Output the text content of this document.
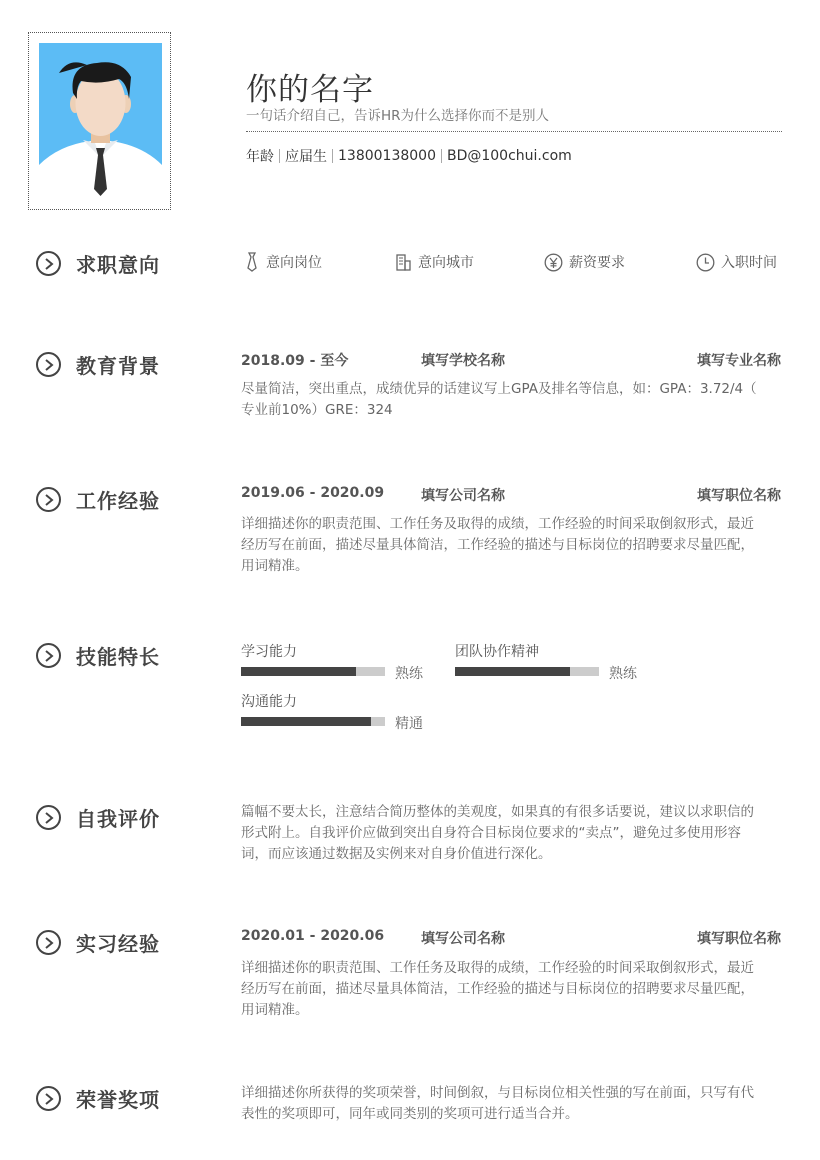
你的名字
一句话介绍自己，告诉HR为什么选择你而不是别人
年龄 应届生 13800138000 BD@100chui.com
求职意向	意向岗位	意向城市	薪资要求	入职时间
教育背景	2018.09 - 至今	填写学校名称	填写专业名称
尽量简洁，突出重点，成绩优异的话建议写上GPA及排名等信息，如：GPA：3.72/4（
专业前10%）GRE：324
工作经验	2019.06 - 2020.09	填写公司名称	填写职位名称
详细描述你的职责范围、工作任务及取得的成绩，工作经验的时间采取倒叙形式，最近
经历写在前面，描述尽量具体简洁，工作经验的描述与目标岗位的招聘要求尽量匹配，
用词精准。
技能特长	学习能力
熟练
团队协作精神
熟练
沟通能力
精通
自我评价	篇幅不要太长，注意结合简历整体的美观度，如果真的有很多话要说，建议以求职信的
形式附上。自我评价应做到突出自身符合目标岗位要求的“卖点”，避免过多使用形容
词，而应该通过数据及实例来对自身价值进行深化。
实习经验	2020.01 - 2020.06	填写公司名称	填写职位名称
详细描述你的职责范围、工作任务及取得的成绩，工作经验的时间采取倒叙形式，最近
经历写在前面，描述尽量具体简洁，工作经验的描述与目标岗位的招聘要求尽量匹配，
用词精准。
荣誉奖项	详细描述你所获得的奖项荣誉，时间倒叙，与目标岗位相关性强的写在前面，只写有代
表性的奖项即可，同年或同类别的奖项可进行适当合并。
